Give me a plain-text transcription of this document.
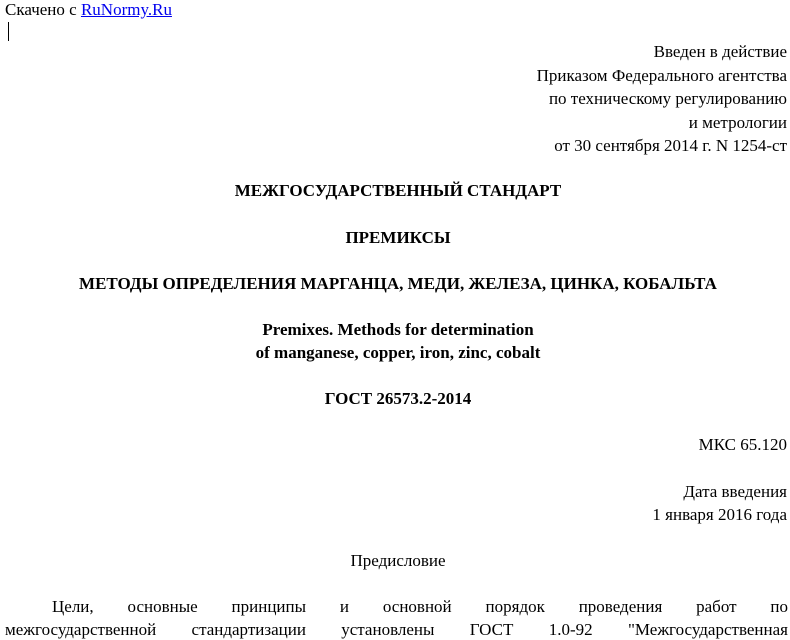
Скачено с RuNormy.Ru
Введен в действие
Приказом Федерального агентства
по техническому регулированию
и метрологии
от 30 сентября 2014 г. N 1254-ст
МЕЖГОСУДАРСТВЕННЫЙ СТАНДАРТ
ПРЕМИКСЫ
МЕТОДЫ ОПРЕДЕЛЕНИЯ МАРГАНЦА, МЕДИ, ЖЕЛЕЗА, ЦИНКА, КОБАЛЬТА
Premixes. Methods for determination
of manganese, copper, iron, zinc, cobalt
ГОСТ 26573.2-2014
МКС 65.120
Дата введения
1 января 2016 года
Предисловие
Цели, основные принципы и основной порядок проведения работ по
межгосударственной стандартизации установлены ГОСТ 1.0-92 "Межгосударственная
